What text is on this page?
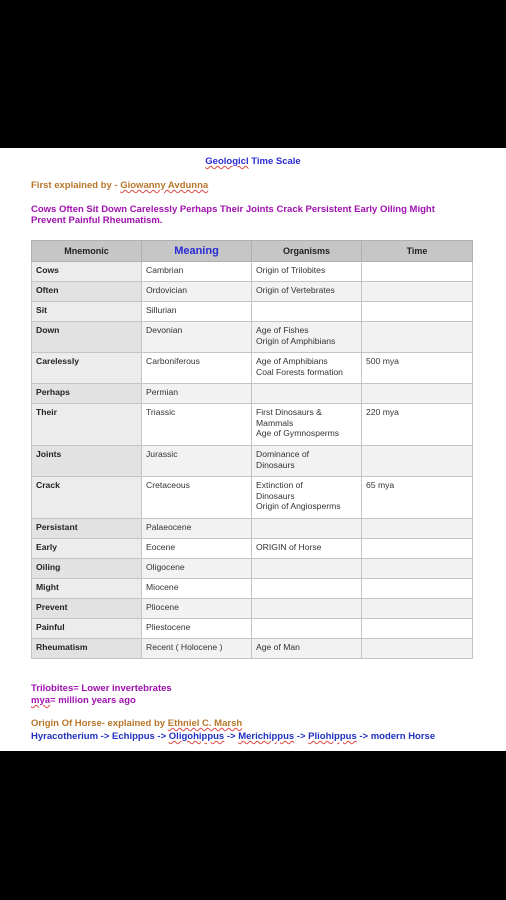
Geologicl Time Scale
First explained by - Giowanny Avdunna
Cows Often Sit Down Carelessly Perhaps Their Joints Crack Persistent Early Oiling Might Prevent Painful Rheumatism.
Mnemonic	Meaning	Organisms	Time
Cows	Cambrian	Origin of Trilobites	
Often	Ordovician	Origin of Vertebrates	
Sit	Sillurian		
Down	Devonian	Age of Fishes
Origin of Amphibians	
Carelessly	Carboniferous	Age of Amphibians
Coal Forests formation	500 mya
Perhaps	Permian		
Their	Triassic	First Dinosaurs &
Mammals
Age of Gymnosperms	220 mya
Joints	Jurassic	Dominance of
Dinosaurs	
Crack	Cretaceous	Extinction of
Dinosaurs
Origin of Angiosperms	65 mya
Persistant	Palaeocene		
Early	Eocene	ORIGIN of Horse	
Oiling	Oligocene		
Might	Miocene		
Prevent	Pliocene		
Painful	Pliestocene		
Rheumatism	Recent ( Holocene )	Age of Man	
Trilobites= Lower invertebrates
mya= million years ago
Origin Of Horse- explained by Ethniel C. Marsh
Hyracotherium -> Echippus -> Oligohippus -> Merichippus -> Pliohippus -> modern Horse
